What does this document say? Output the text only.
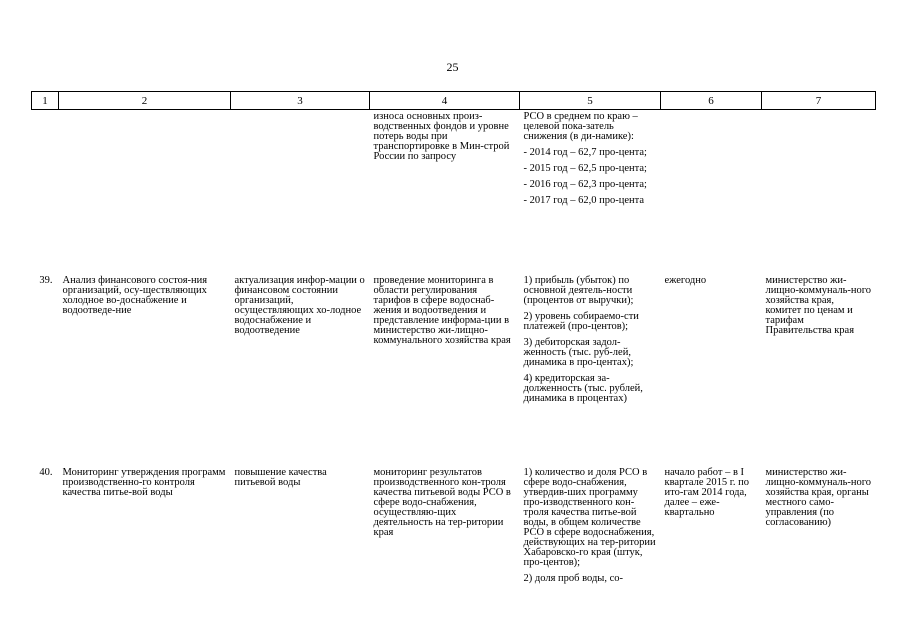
25
1	2	3	4	5	6	7
			износа основных произ-водственных фондов и уровне потерь воды при транспортировке в Мин-строй России по запросу	РСО в среднем по краю – целевой пока-затель снижения (в ди-намике):
- 2014 год – 62,7 про-цента;
- 2015 год – 62,5 про-цента;
- 2016 год – 62,3 про-цента;
- 2017 год – 62,0 про-цента		

39.	Анализ финансового состоя-ния организаций, осу-ществляющих холодное во-доснабжение и водоотведе-ние	актуализация инфор-мации о финансовом состоянии организаций, осуществляющих хо-лодное водоснабжение и водоотведение	проведение мониторинга в области регулирования тарифов в сфере водоснаб-жения и водоотведения и представление информа-ции в министерство жи-лищно-коммунального хозяйства края	1) прибыль (убыток) по основной деятель-ности (процентов от выручки);
2) уровень собираемо-сти платежей (про-центов);
3) дебиторская задол-женность (тыс. руб-лей, динамика в про-центах);
4) кредиторская за-долженность (тыс. рублей, динамика в процентах)	ежегодно	министерство жи-лищно-коммуналь-ного хозяйства края, комитет по ценам и тарифам Правительства края
40.	Мониторинг утверждения программ производственно-го контроля качества питье-вой воды	повышение качества питьевой воды	мониторинг результатов производственного кон-троля качества питьевой воды РСО в сфере водо-снабжения, осуществляю-щих деятельность на тер-ритории края	1) количество и доля РСО в сфере водо-снабжения, утвердив-ших программу про-изводственного кон-троля качества питье-вой воды, в общем количестве РСО в сфере водоснабжения, действующих на тер-ритории Хабаровско-го края (штук, про-центов);
2) доля проб воды, со-	начало работ – в I квартале 2015 г. по ито-гам 2014 года, далее – еже-квартально	министерство жи-лищно-коммуналь-ного хозяйства края, органы местного само-управления (по согласованию)
